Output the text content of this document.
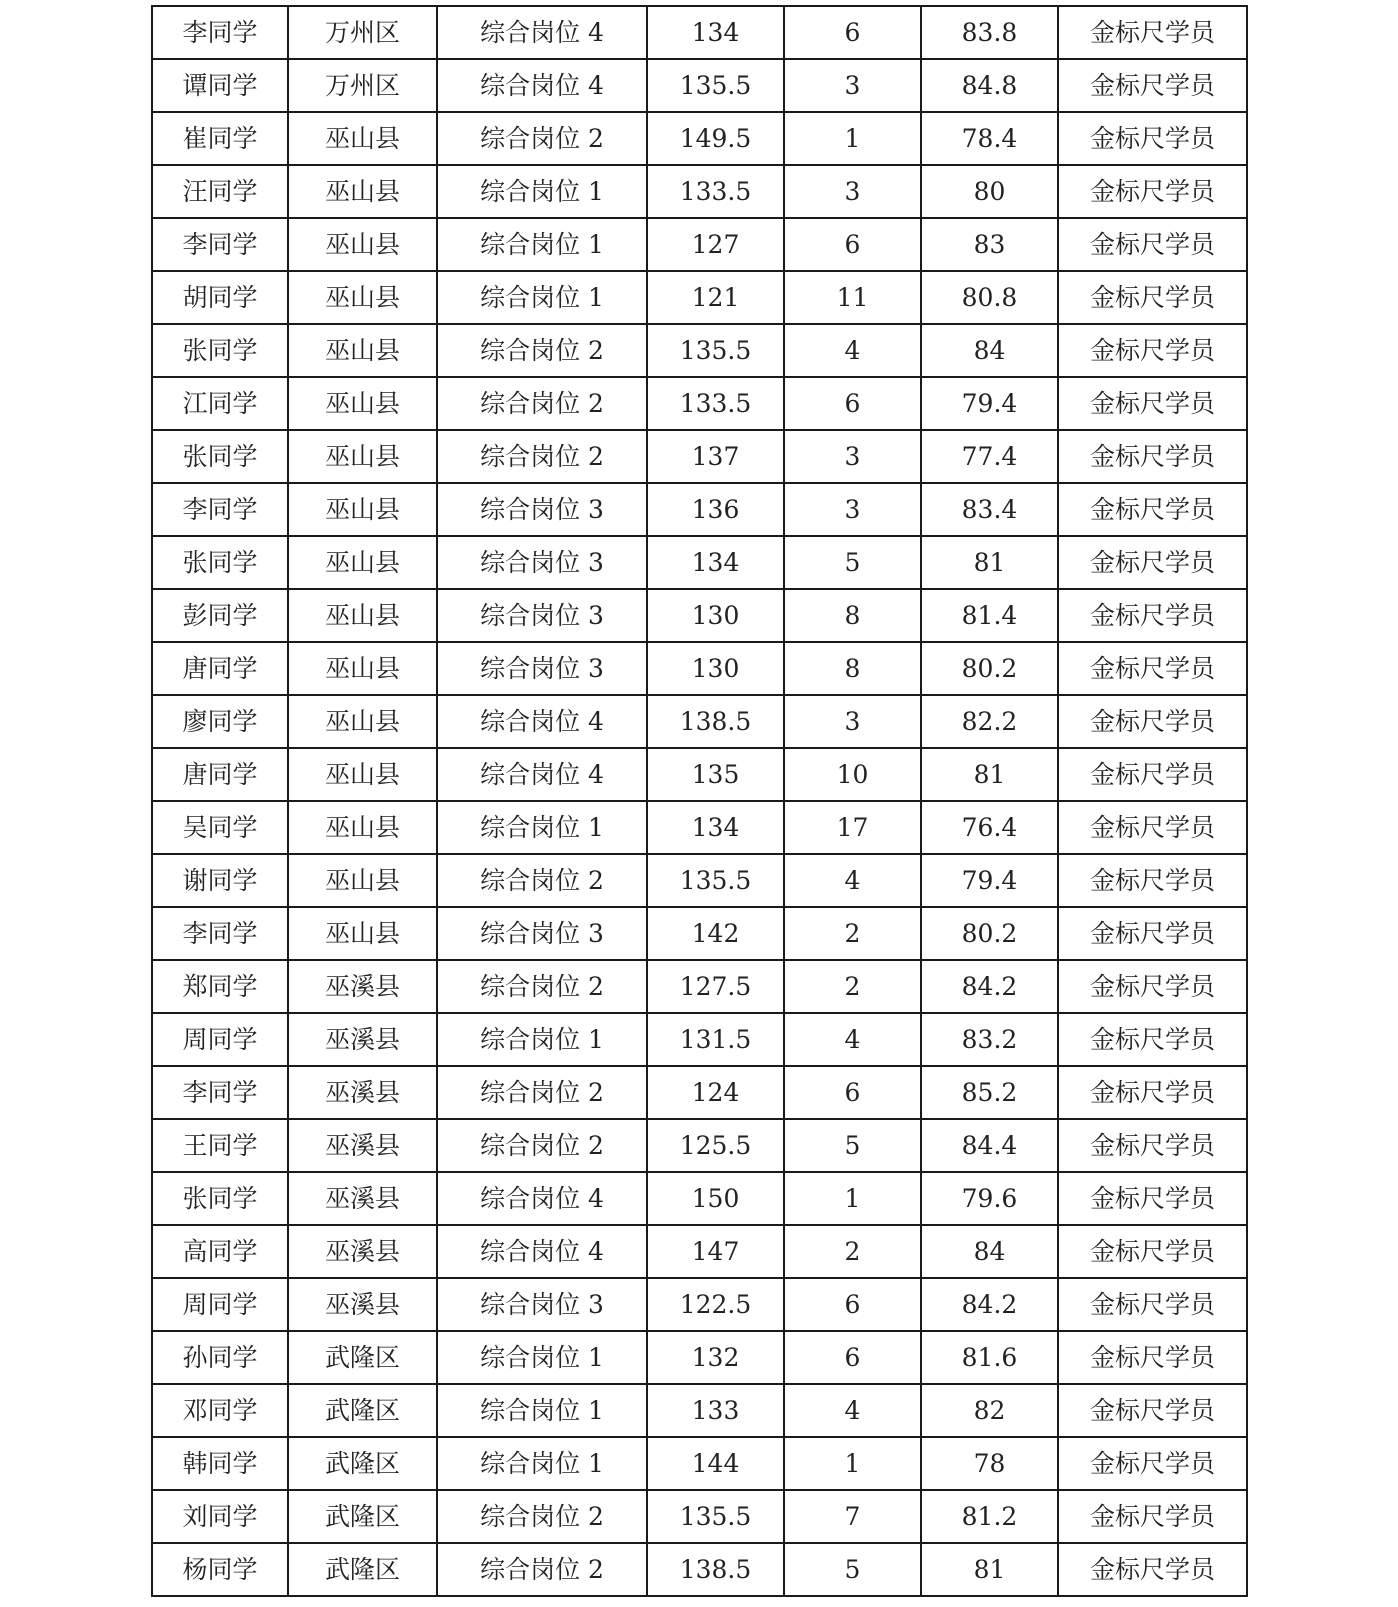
李同学	万州区	综合岗位 4	134	6	83.8	金标尺学员
谭同学	万州区	综合岗位 4	135.5	3	84.8	金标尺学员
崔同学	巫山县	综合岗位 2	149.5	1	78.4	金标尺学员
汪同学	巫山县	综合岗位 1	133.5	3	80	金标尺学员
李同学	巫山县	综合岗位 1	127	6	83	金标尺学员
胡同学	巫山县	综合岗位 1	121	11	80.8	金标尺学员
张同学	巫山县	综合岗位 2	135.5	4	84	金标尺学员
江同学	巫山县	综合岗位 2	133.5	6	79.4	金标尺学员
张同学	巫山县	综合岗位 2	137	3	77.4	金标尺学员
李同学	巫山县	综合岗位 3	136	3	83.4	金标尺学员
张同学	巫山县	综合岗位 3	134	5	81	金标尺学员
彭同学	巫山县	综合岗位 3	130	8	81.4	金标尺学员
唐同学	巫山县	综合岗位 3	130	8	80.2	金标尺学员
廖同学	巫山县	综合岗位 4	138.5	3	82.2	金标尺学员
唐同学	巫山县	综合岗位 4	135	10	81	金标尺学员
吴同学	巫山县	综合岗位 1	134	17	76.4	金标尺学员
谢同学	巫山县	综合岗位 2	135.5	4	79.4	金标尺学员
李同学	巫山县	综合岗位 3	142	2	80.2	金标尺学员
郑同学	巫溪县	综合岗位 2	127.5	2	84.2	金标尺学员
周同学	巫溪县	综合岗位 1	131.5	4	83.2	金标尺学员
李同学	巫溪县	综合岗位 2	124	6	85.2	金标尺学员
王同学	巫溪县	综合岗位 2	125.5	5	84.4	金标尺学员
张同学	巫溪县	综合岗位 4	150	1	79.6	金标尺学员
高同学	巫溪县	综合岗位 4	147	2	84	金标尺学员
周同学	巫溪县	综合岗位 3	122.5	6	84.2	金标尺学员
孙同学	武隆区	综合岗位 1	132	6	81.6	金标尺学员
邓同学	武隆区	综合岗位 1	133	4	82	金标尺学员
韩同学	武隆区	综合岗位 1	144	1	78	金标尺学员
刘同学	武隆区	综合岗位 2	135.5	7	81.2	金标尺学员
杨同学	武隆区	综合岗位 2	138.5	5	81	金标尺学员
